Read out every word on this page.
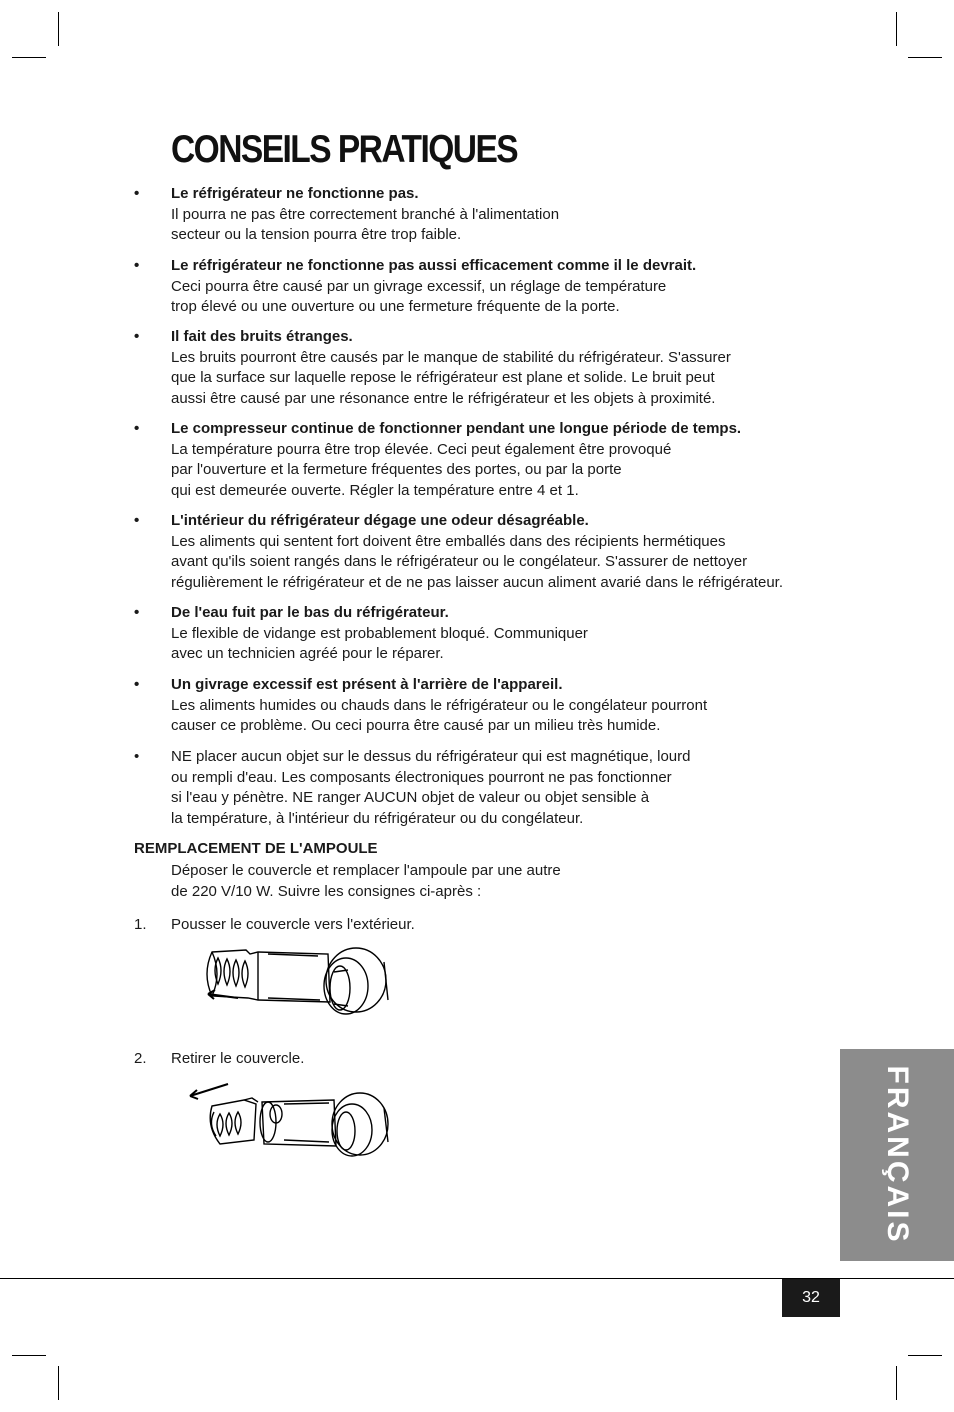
CONSEILS PRATIQUES
•	Le réfrigérateur ne fonctionne pas.
Il pourra ne pas être correctement branché à l'alimentation
secteur ou la tension pourra être trop faible.
•	Le réfrigérateur ne fonctionne pas aussi efficacement comme il le devrait.
Ceci pourra être causé par un givrage excessif, un réglage de température
trop élevé ou une ouverture ou une fermeture fréquente de la porte.
•	Il fait des bruits étranges.
Les bruits pourront être causés par le manque de stabilité du réfrigérateur. S'assurer
que la surface sur laquelle repose le réfrigérateur est plane et solide. Le bruit peut
aussi être causé par une résonance entre le réfrigérateur et les objets à proximité.
•	Le compresseur continue de fonctionner pendant une longue période de temps.
La température pourra être trop élevée. Ceci peut également être provoqué
par l'ouverture et la fermeture fréquentes des portes, ou par la porte
qui est demeurée ouverte. Régler la température entre 4 et 1.
•	L'intérieur du réfrigérateur dégage une odeur désagréable.
Les aliments qui sentent fort doivent être emballés dans des récipients hermétiques
avant qu'ils soient rangés dans le réfrigérateur ou le congélateur. S'assurer de nettoyer
régulièrement le réfrigérateur et de ne pas laisser aucun aliment avarié dans le réfrigérateur.
•	De l'eau fuit par le bas du réfrigérateur.
Le flexible de vidange est probablement bloqué. Communiquer
avec un technicien agréé pour le réparer.
•	Un givrage excessif est présent à l'arrière de l'appareil.
Les aliments humides ou chauds dans le réfrigérateur ou le congélateur pourront
causer ce problème. Ou ceci pourra être causé par un milieu très humide.
•	NE placer aucun objet sur le dessus du réfrigérateur qui est magnétique, lourd
ou rempli d'eau. Les composants électroniques pourront ne pas fonctionner
si l'eau y pénètre. NE ranger AUCUN objet de valeur ou objet sensible à
la température, à l'intérieur du réfrigérateur ou du congélateur.
REMPLACEMENT DE L'AMPOULE
Déposer le couvercle et remplacer l'ampoule par une autre
de 220 V/10 W. Suivre les consignes ci-après :
1. Pousser le couvercle vers l'extérieur.
2. Retirer le couvercle.
FRANÇAIS
32
